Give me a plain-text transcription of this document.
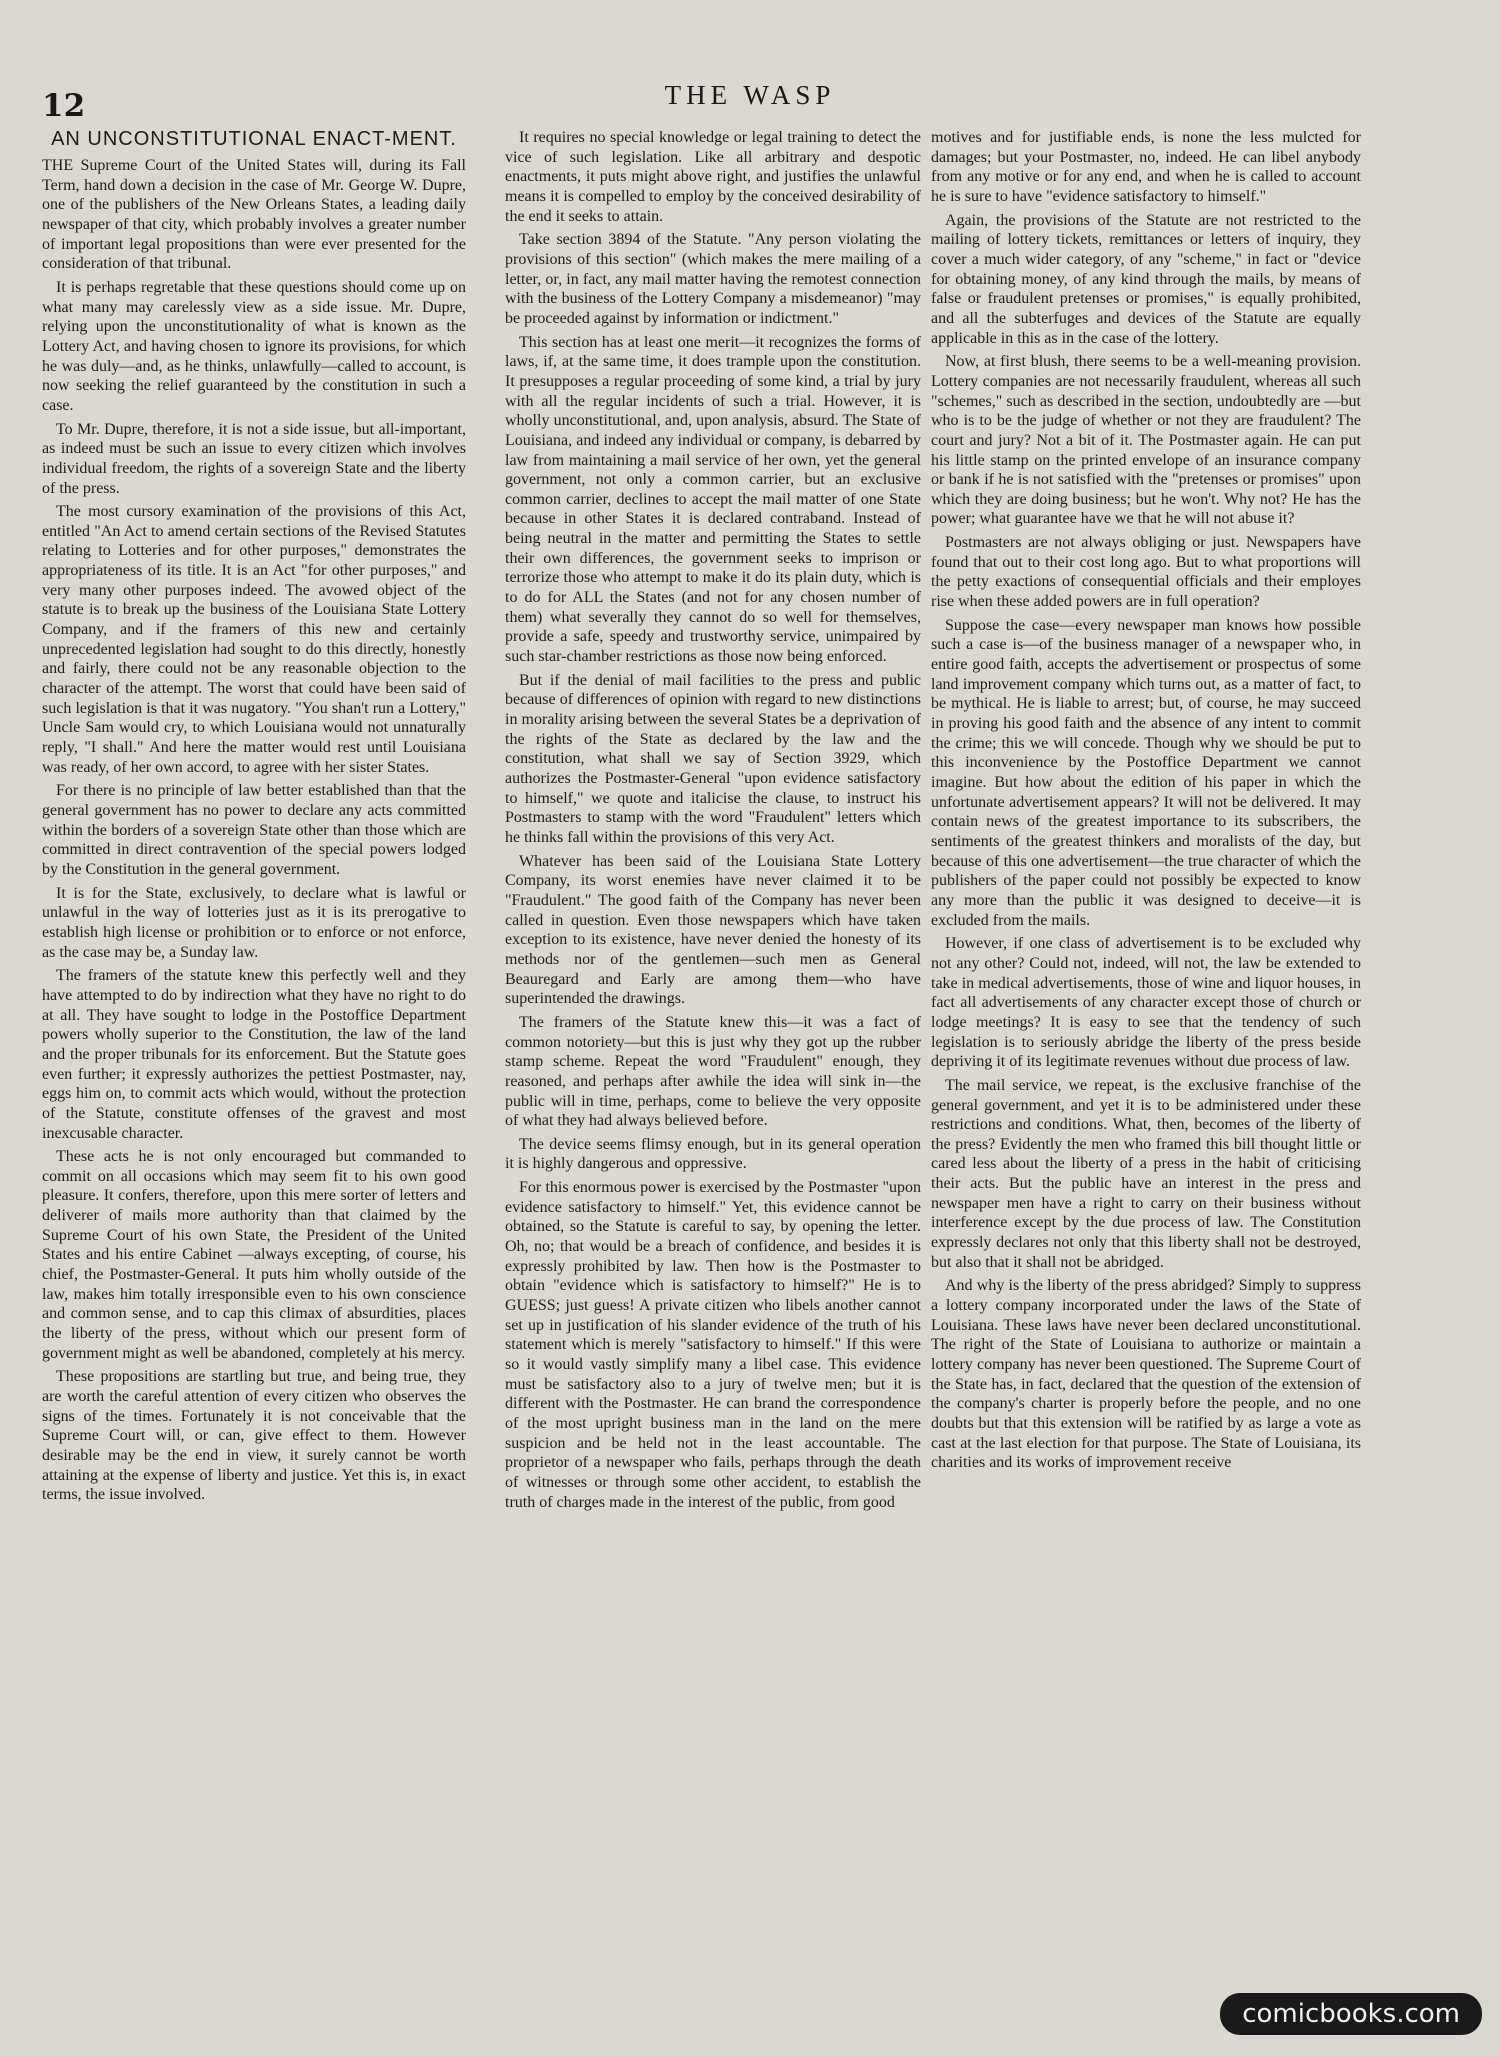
12	THE WASP
AN UNCONSTITUTIONAL ENACT-MENT.

THE Supreme Court of the United States will, during its Fall Term, hand down a decision in the case of Mr. George W. Dupre, one of the publishers of the New Orleans States, a leading daily newspaper of that city, which probably involves a greater number of important legal propositions than were ever presented for the consideration of that tribunal.

It is perhaps regretable that these questions should come up on what many may carelessly view as a side issue. Mr. Dupre, relying upon the unconstitutionality of what is known as the Lottery Act, and having chosen to ignore its provisions, for which he was duly—and, as he thinks, unlawfully—called to account, is now seeking the relief guaranteed by the constitution in such a case.

To Mr. Dupre, therefore, it is not a side issue, but all-important, as indeed must be such an issue to every citizen which involves individual freedom, the rights of a sovereign State and the liberty of the press.

The most cursory examination of the provisions of this Act, entitled "An Act to amend certain sections of the Revised Statutes relating to Lotteries and for other purposes," demonstrates the appropriateness of its title. It is an Act "for other purposes," and very many other purposes indeed. The avowed object of the statute is to break up the business of the Louisiana State Lottery Company, and if the framers of this new and certainly unprecedented legislation had sought to do this directly, honestly and fairly, there could not be any reasonable objection to the character of the attempt. The worst that could have been said of such legislation is that it was nugatory. "You shan't run a Lottery," Uncle Sam would cry, to which Louisiana would not unnaturally reply, "I shall." And here the matter would rest until Louisiana was ready, of her own accord, to agree with her sister States.

For there is no principle of law better established than that the general government has no power to declare any acts committed within the borders of a sovereign State other than those which are committed in direct contravention of the special powers lodged by the Constitution in the general government.

It is for the State, exclusively, to declare what is lawful or unlawful in the way of lotteries just as it is its prerogative to establish high license or prohibition or to enforce or not enforce, as the case may be, a Sunday law.

The framers of the statute knew this perfectly well and they have attempted to do by indirection what they have no right to do at all. They have sought to lodge in the Postoffice Department powers wholly superior to the Constitution, the law of the land and the proper tribunals for its enforcement. But the Statute goes even further; it expressly authorizes the pettiest Postmaster, nay, eggs him on, to commit acts which would, without the protection of the Statute, constitute offenses of the gravest and most inexcusable character.

These acts he is not only encouraged but commanded to commit on all occasions which may seem fit to his own good pleasure. It confers, therefore, upon this mere sorter of letters and deliverer of mails more authority than that claimed by the Supreme Court of his own State, the President of the United States and his entire Cabinet —always excepting, of course, his chief, the Postmaster-General. It puts him wholly outside of the law, makes him totally irresponsible even to his own conscience and common sense, and to cap this climax of absurdities, places the liberty of the press, without which our present form of government might as well be abandoned, completely at his mercy.

These propositions are startling but true, and being true, they are worth the careful attention of every citizen who observes the signs of the times. Fortunately it is not conceivable that the Supreme Court will, or can, give effect to them. However desirable may be the end in view, it surely cannot be worth attaining at the expense of liberty and justice. Yet this is, in exact terms, the issue involved.

It requires no special knowledge or legal training to detect the vice of such legislation. Like all arbitrary and despotic enactments, it puts might above right, and justifies the unlawful means it is compelled to employ by the conceived desirability of the end it seeks to attain.

Take section 3894 of the Statute. "Any person violating the provisions of this section" (which makes the mere mailing of a letter, or, in fact, any mail matter having the remotest connection with the business of the Lottery Company a misdemeanor) "may be proceeded against by information or indictment."

This section has at least one merit—it recognizes the forms of laws, if, at the same time, it does trample upon the constitution. It presupposes a regular proceeding of some kind, a trial by jury with all the regular incidents of such a trial. However, it is wholly unconstitutional, and, upon analysis, absurd. The State of Louisiana, and indeed any individual or company, is debarred by law from maintaining a mail service of her own, yet the general government, not only a common carrier, but an exclusive common carrier, declines to accept the mail matter of one State because in other States it is declared contraband. Instead of being neutral in the matter and permitting the States to settle their own differences, the government seeks to imprison or terrorize those who attempt to make it do its plain duty, which is to do for ALL the States (and not for any chosen number of them) what severally they cannot do so well for themselves, provide a safe, speedy and trustworthy service, unimpaired by such star-chamber restrictions as those now being enforced.

But if the denial of mail facilities to the press and public because of differences of opinion with regard to new distinctions in morality arising between the several States be a deprivation of the rights of the State as declared by the law and the constitution, what shall we say of Section 3929, which authorizes the Postmaster-General "upon evidence satisfactory to himself," we quote and italicise the clause, to instruct his Postmasters to stamp with the word "Fraudulent" letters which he thinks fall within the provisions of this very Act.

Whatever has been said of the Louisiana State Lottery Company, its worst enemies have never claimed it to be "Fraudulent." The good faith of the Company has never been called in question. Even those newspapers which have taken exception to its existence, have never denied the honesty of its methods nor of the gentlemen—such men as General Beauregard and Early are among them—who have superintended the drawings.

The framers of the Statute knew this—it was a fact of common notoriety—but this is just why they got up the rubber stamp scheme. Repeat the word "Fraudulent" enough, they reasoned, and perhaps after awhile the idea will sink in—the public will in time, perhaps, come to believe the very opposite of what they had always believed before.

The device seems flimsy enough, but in its general operation it is highly dangerous and oppressive.

For this enormous power is exercised by the Postmaster "upon evidence satisfactory to himself." Yet, this evidence cannot be obtained, so the Statute is careful to say, by opening the letter. Oh, no; that would be a breach of confidence, and besides it is expressly prohibited by law. Then how is the Postmaster to obtain "evidence which is satisfactory to himself?" He is to GUESS; just guess! A private citizen who libels another cannot set up in justification of his slander evidence of the truth of his statement which is merely "satisfactory to himself." If this were so it would vastly simplify many a libel case. This evidence must be satisfactory also to a jury of twelve men; but it is different with the Postmaster. He can brand the correspondence of the most upright business man in the land on the mere suspicion and be held not in the least accountable. The proprietor of a newspaper who fails, perhaps through the death of witnesses or through some other accident, to establish the truth of charges made in the interest of the public, from good

motives and for justifiable ends, is none the less mulcted for damages; but your Postmaster, no, indeed. He can libel anybody from any motive or for any end, and when he is called to account he is sure to have "evidence satisfactory to himself."

Again, the provisions of the Statute are not restricted to the mailing of lottery tickets, remittances or letters of inquiry, they cover a much wider category, of any "scheme," in fact or "device for obtaining money, of any kind through the mails, by means of false or fraudulent pretenses or promises," is equally prohibited, and all the subterfuges and devices of the Statute are equally applicable in this as in the case of the lottery.

Now, at first blush, there seems to be a well-meaning provision. Lottery companies are not necessarily fraudulent, whereas all such "schemes," such as described in the section, undoubtedly are —but who is to be the judge of whether or not they are fraudulent? The court and jury? Not a bit of it. The Postmaster again. He can put his little stamp on the printed envelope of an insurance company or bank if he is not satisfied with the "pretenses or promises" upon which they are doing business; but he won't. Why not? He has the power; what guarantee have we that he will not abuse it?

Postmasters are not always obliging or just. Newspapers have found that out to their cost long ago. But to what proportions will the petty exactions of consequential officials and their employes rise when these added powers are in full operation?

Suppose the case—every newspaper man knows how possible such a case is—of the business manager of a newspaper who, in entire good faith, accepts the advertisement or prospectus of some land improvement company which turns out, as a matter of fact, to be mythical. He is liable to arrest; but, of course, he may succeed in proving his good faith and the absence of any intent to commit the crime; this we will concede. Though why we should be put to this inconvenience by the Postoffice Department we cannot imagine. But how about the edition of his paper in which the unfortunate advertisement appears? It will not be delivered. It may contain news of the greatest importance to its subscribers, the sentiments of the greatest thinkers and moralists of the day, but because of this one advertisement—the true character of which the publishers of the paper could not possibly be expected to know any more than the public it was designed to deceive—it is excluded from the mails.

However, if one class of advertisement is to be excluded why not any other? Could not, indeed, will not, the law be extended to take in medical advertisements, those of wine and liquor houses, in fact all advertisements of any character except those of church or lodge meetings? It is easy to see that the tendency of such legislation is to seriously abridge the liberty of the press beside depriving it of its legitimate revenues without due process of law.

The mail service, we repeat, is the exclusive franchise of the general government, and yet it is to be administered under these restrictions and conditions. What, then, becomes of the liberty of the press? Evidently the men who framed this bill thought little or cared less about the liberty of a press in the habit of criticising their acts. But the public have an interest in the press and newspaper men have a right to carry on their business without interference except by the due process of law. The Constitution expressly declares not only that this liberty shall not be destroyed, but also that it shall not be abridged.

And why is the liberty of the press abridged? Simply to suppress a lottery company incorporated under the laws of the State of Louisiana. These laws have never been declared unconstitutional. The right of the State of Louisiana to authorize or maintain a lottery company has never been questioned. The Supreme Court of the State has, in fact, declared that the question of the extension of the company's charter is properly before the people, and no one doubts but that this extension will be ratified by as large a vote as cast at the last election for that purpose. The State of Louisiana, its charities and its works of improvement receive

comicbooks.com
